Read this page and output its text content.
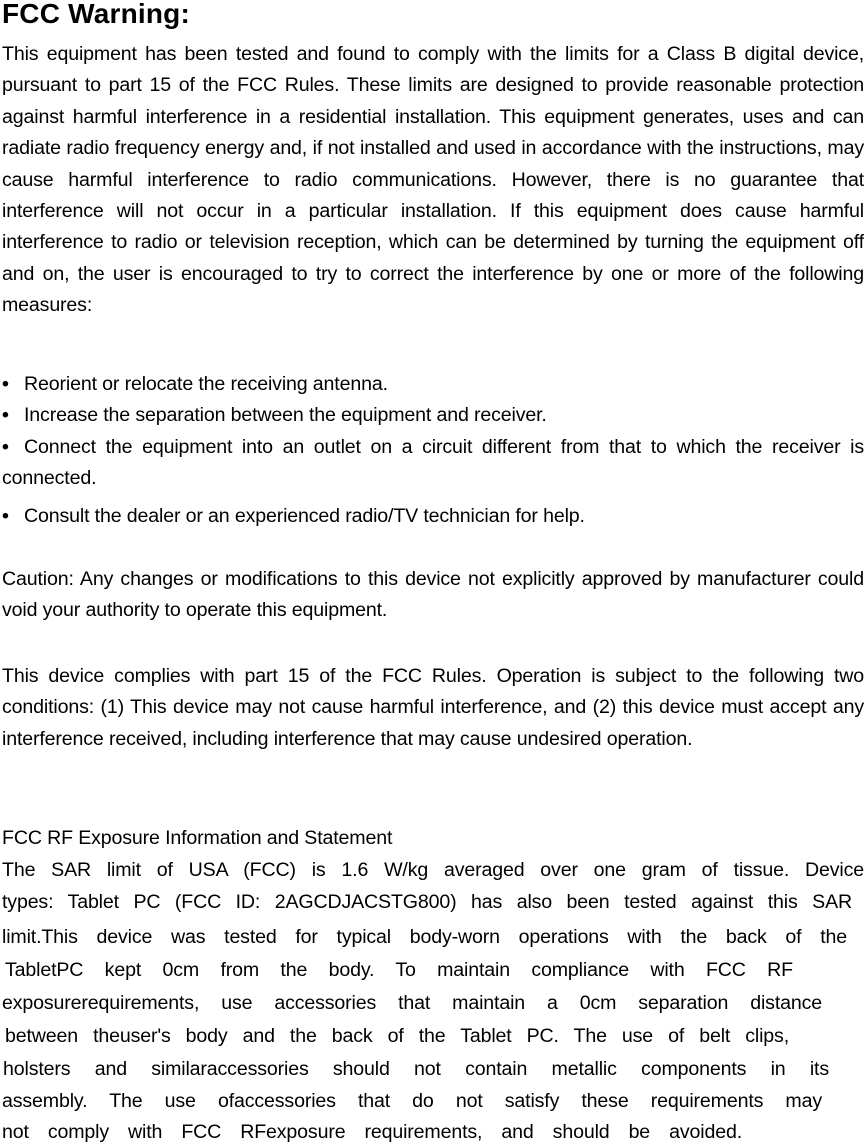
FCC Warning:
This equipment has been tested and found to comply with the limits for a Class B digital device, pursuant to part 15 of the FCC Rules. These limits are designed to provide reasonable protection against harmful interference in a residential installation. This equipment generates, uses and can radiate radio frequency energy and, if not installed and used in accordance with the instructions, may cause harmful interference to radio communications. However, there is no guarantee that interference will not occur in a particular installation. If this equipment does cause harmful interference to radio or television reception, which can be determined by turning the equipment off and on, the user is encouraged to try to correct the interference by one or more of the following measures:
• Reorient or relocate the receiving antenna.
• Increase the separation between the equipment and receiver.
• Connect the equipment into an outlet on a circuit different from that to which the receiver is connected.
• Consult the dealer or an experienced radio/TV technician for help.
Caution: Any changes or modiﬁcations to this device not explicitly approved by manufacturer could void your authority to operate this equipment.
This device complies with part 15 of the FCC Rules. Operation is subject to the following two conditions: (1) This device may not cause harmful interference, and (2) this device must accept any interference received, including interference that may cause undesired operation.
FCC RF Exposure Information and Statement
The SAR limit of USA (FCC) is 1.6 W/kg averaged over one gram of tissue. Device
types: Tablet PC (FCC ID: 2AGCDJACSTG800) has also been tested against this SAR
limit.This device was tested for typical body-worn operations with the back of the
TabletPC kept 0cm from the body. To maintain compliance with FCC RF
exposurerequirements, use accessories that maintain a 0cm separation distance
between theuser's body and the back of the Tablet PC. The use of belt clips,
holsters and similaraccessories should not contain metallic components in its
assembly. The use ofaccessories that do not satisfy these requirements may
not comply with FCC RFexposure requirements, and should be avoided.
